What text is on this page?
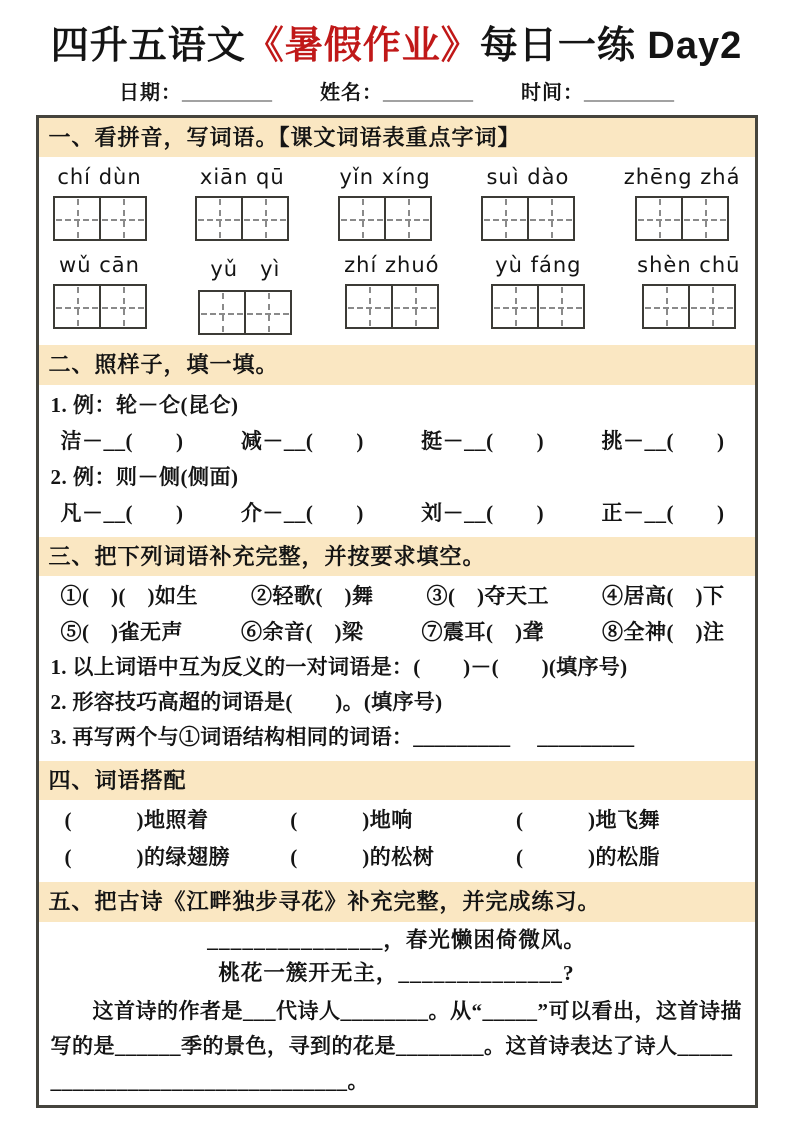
四升五语文《暑假作业》每日一练 Day2
日期：_________ 姓名：_________ 时间：_________
一、看拼音，写词语。【课文词语表重点字词】
chí dùn	xiān qū	yǐn xíng	suì dào	zhēng zhá
wǔ cān	yǔ　yì	zhí zhuó	yù fáng	shèn chū
二、照样子，填一填。
1. 例：轮－仑(昆仑)
洁－__(　　)	减－__(　　)	挺－__(　　)	挑－__(　　)
2. 例：则－侧(侧面)
凡－__(　　)	介－__(　　)	刘－__(　　)	正－__(　　)
三、把下列词语补充完整，并按要求填空。
①(　)(　)如生	②轻歌(　)舞	③(　)夺天工	④居高(　)下
⑤(　)雀无声	⑥余音(　)梁	⑦震耳(　)聋	⑧全神(　)注
1. 以上词语中互为反义的一对词语是：(　　)－(　　)(填序号)
2. 形容技巧高超的词语是(　　)。(填序号)
3. 再写两个与①词语结构相同的词语：_________　 _________
四、词语搭配
(　　　)地照着	(　　　)地响	(　　　)地飞舞
(　　　)的绿翅膀	(　　　)的松树	(　　　)的松脂
五、把古诗《江畔独步寻花》补充完整，并完成练习。
_______________，春光懒困倚微风。
桃花一簇开无主，______________?
这首诗的作者是___代诗人________。从“_____”可以看出，这首诗描写的是______季的景色，寻到的花是________。这首诗表达了诗人________________________________。
